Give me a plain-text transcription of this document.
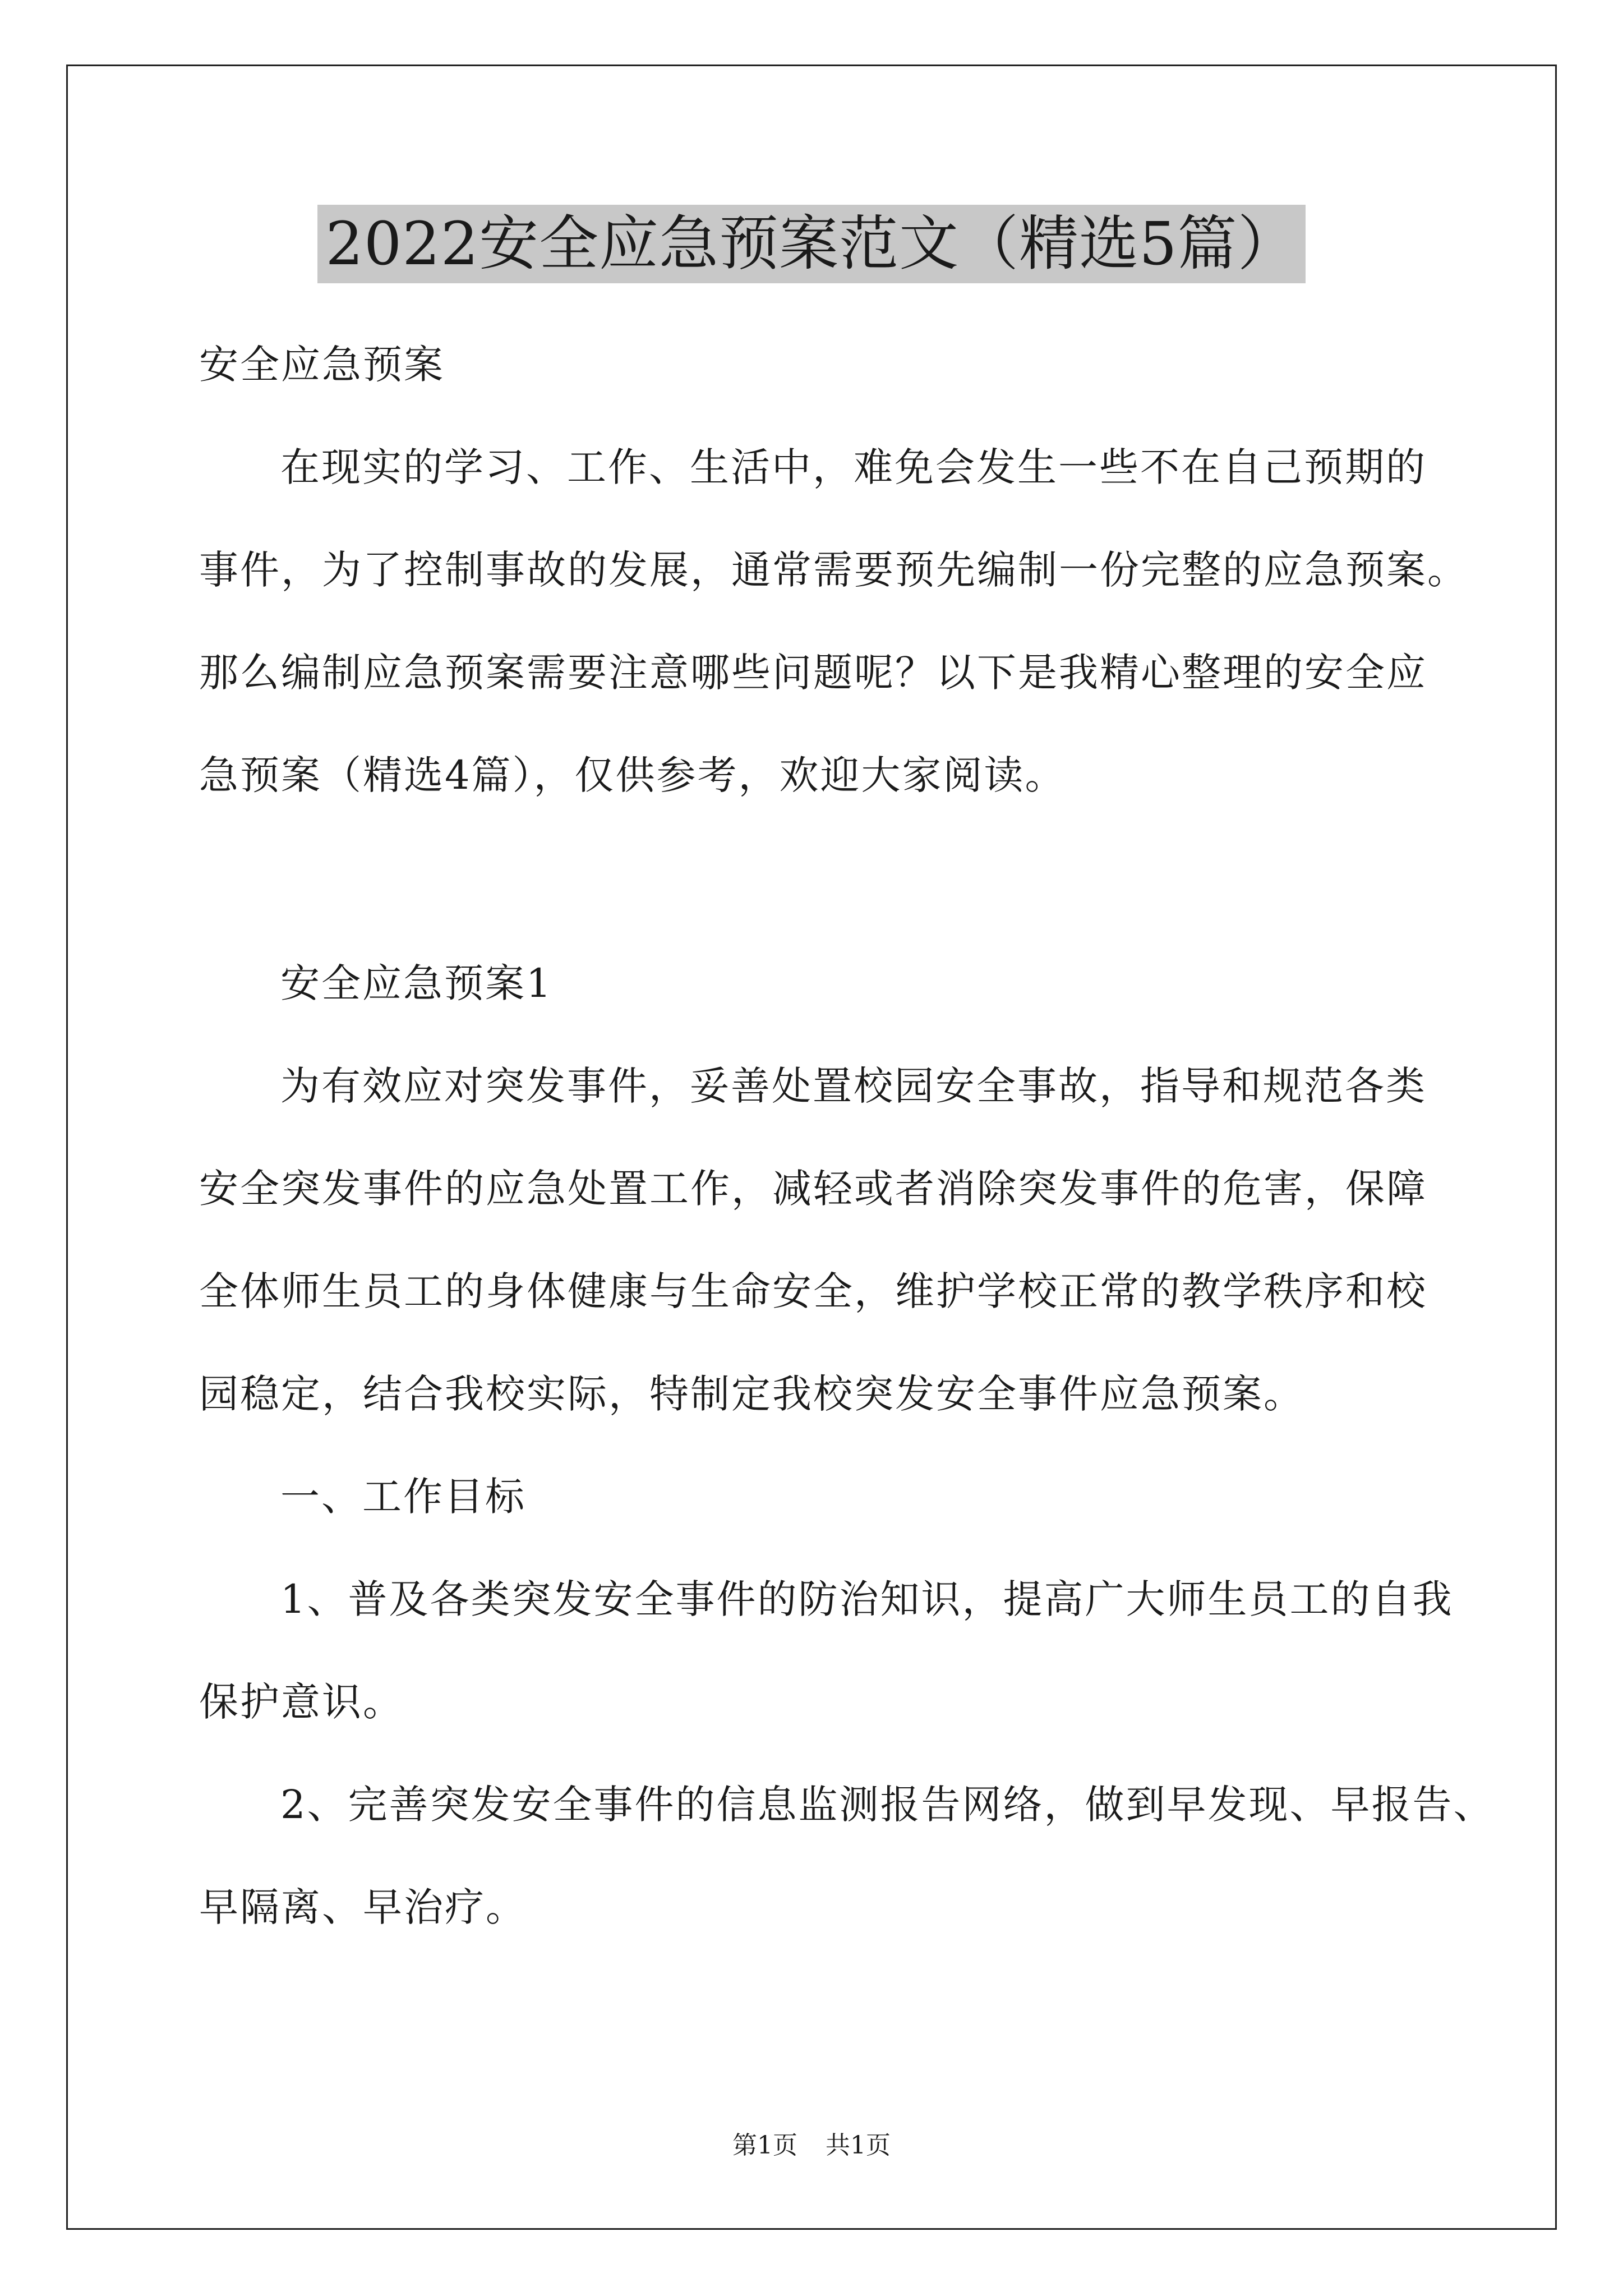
2022安全应急预案范文（精选5篇）

安全应急预案

在现实的学习、工作、生活中，难免会发生一些不在自己预期的

事件，为了控制事故的发展，通常需要预先编制一份完整的应急预案。

那么编制应急预案需要注意哪些问题呢？以下是我精心整理的安全应

急预案（精选4篇），仅供参考，欢迎大家阅读。

安全应急预案1

为有效应对突发事件，妥善处置校园安全事故，指导和规范各类

安全突发事件的应急处置工作，减轻或者消除突发事件的危害，保障

全体师生员工的身体健康与生命安全，维护学校正常的教学秩序和校

园稳定，结合我校实际，特制定我校突发安全事件应急预案。

一、工作目标

1、普及各类突发安全事件的防治知识，提高广大师生员工的自我

保护意识。

2、完善突发安全事件的信息监测报告网络，做到早发现、早报告、

早隔离、早治疗。

第1页 共1页
